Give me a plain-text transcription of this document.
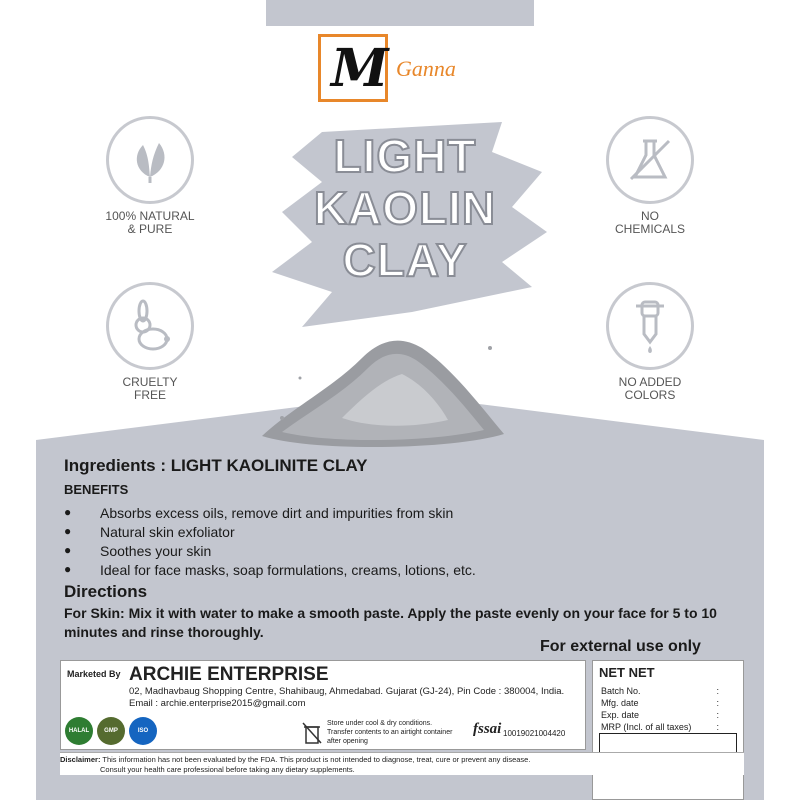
M Ganna
100% NATURAL
& PURE
NO
CHEMICALS
CRUELTY
FREE
NO ADDED
COLORS
LIGHT
KAOLIN
CLAY
Ingredients : LIGHT KAOLINITE CLAY
BENEFITS
● Absorbs excess oils, remove dirt and impurities from skin
● Natural skin exfoliator
● Soothes your skin
● Ideal for face masks, soap formulations, creams, lotions, etc.
Directions
For Skin: Mix it with water to make a smooth paste. Apply the paste evenly on your face for 5 to 10 minutes and rinse thoroughly.
For external use only
Marketed By ARCHIE ENTERPRISE
02, Madhavbaug Shopping Centre, Shahibaug, Ahmedabad. Gujarat (GJ-24), Pin Code : 380004, India.
Email : archie.enterprise2015@gmail.com
HALAL	GMP	ISO
Store under cool & dry conditions. Transfer contents to an airtight container after opening
fssai 10019021004420
NET NET
Batch No.	:
Mfg. date	:
Exp. date	:
MRP (Incl. of all taxes)	:
Disclaimer: This information has not been evaluated by the FDA. This product is not intended to diagnose, treat, cure or prevent any disease.
Consult your health care professional before taking any dietary supplements.
